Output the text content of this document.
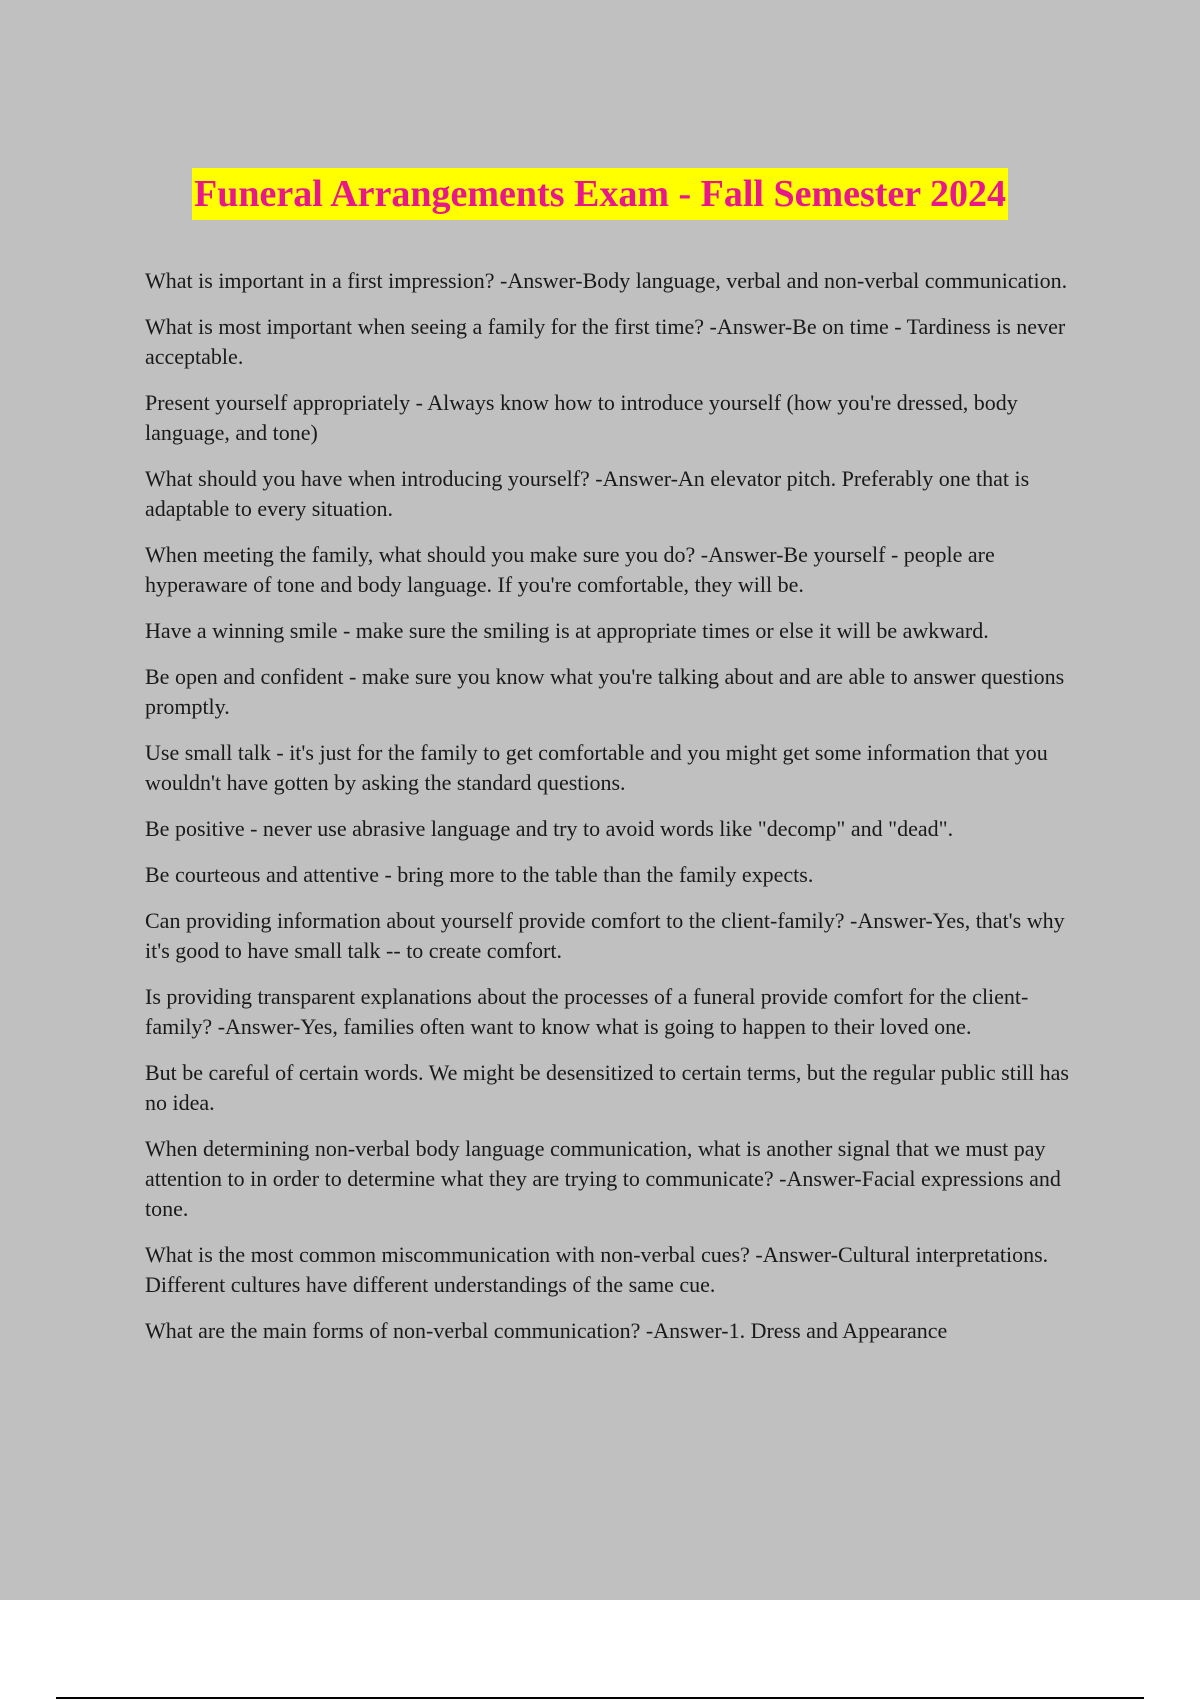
Funeral Arrangements Exam - Fall Semester 2024

What is important in a first impression? -Answer-Body language, verbal and non-verbal communication.

What is most important when seeing a family for the first time? -Answer-Be on time - Tardiness is never acceptable.

Present yourself appropriately - Always know how to introduce yourself (how you're dressed, body language, and tone)

What should you have when introducing yourself? -Answer-An elevator pitch. Preferably one that is adaptable to every situation.

When meeting the family, what should you make sure you do? -Answer-Be yourself - people are hyperaware of tone and body language. If you're comfortable, they will be.

Have a winning smile - make sure the smiling is at appropriate times or else it will be awkward.

Be open and confident - make sure you know what you're talking about and are able to answer questions promptly.

Use small talk - it's just for the family to get comfortable and you might get some information that you wouldn't have gotten by asking the standard questions.

Be positive - never use abrasive language and try to avoid words like "decomp" and "dead".

Be courteous and attentive - bring more to the table than the family expects.

Can providing information about yourself provide comfort to the client-family? -Answer-Yes, that's why it's good to have small talk -- to create comfort.

Is providing transparent explanations about the processes of a funeral provide comfort for the client-family? -Answer-Yes, families often want to know what is going to happen to their loved one.

But be careful of certain words. We might be desensitized to certain terms, but the regular public still has no idea.

When determining non-verbal body language communication, what is another signal that we must pay attention to in order to determine what they are trying to communicate? -Answer-Facial expressions and tone.

What is the most common miscommunication with non-verbal cues? -Answer-Cultural interpretations. Different cultures have different understandings of the same cue.

What are the main forms of non-verbal communication? -Answer-1. Dress and Appearance
